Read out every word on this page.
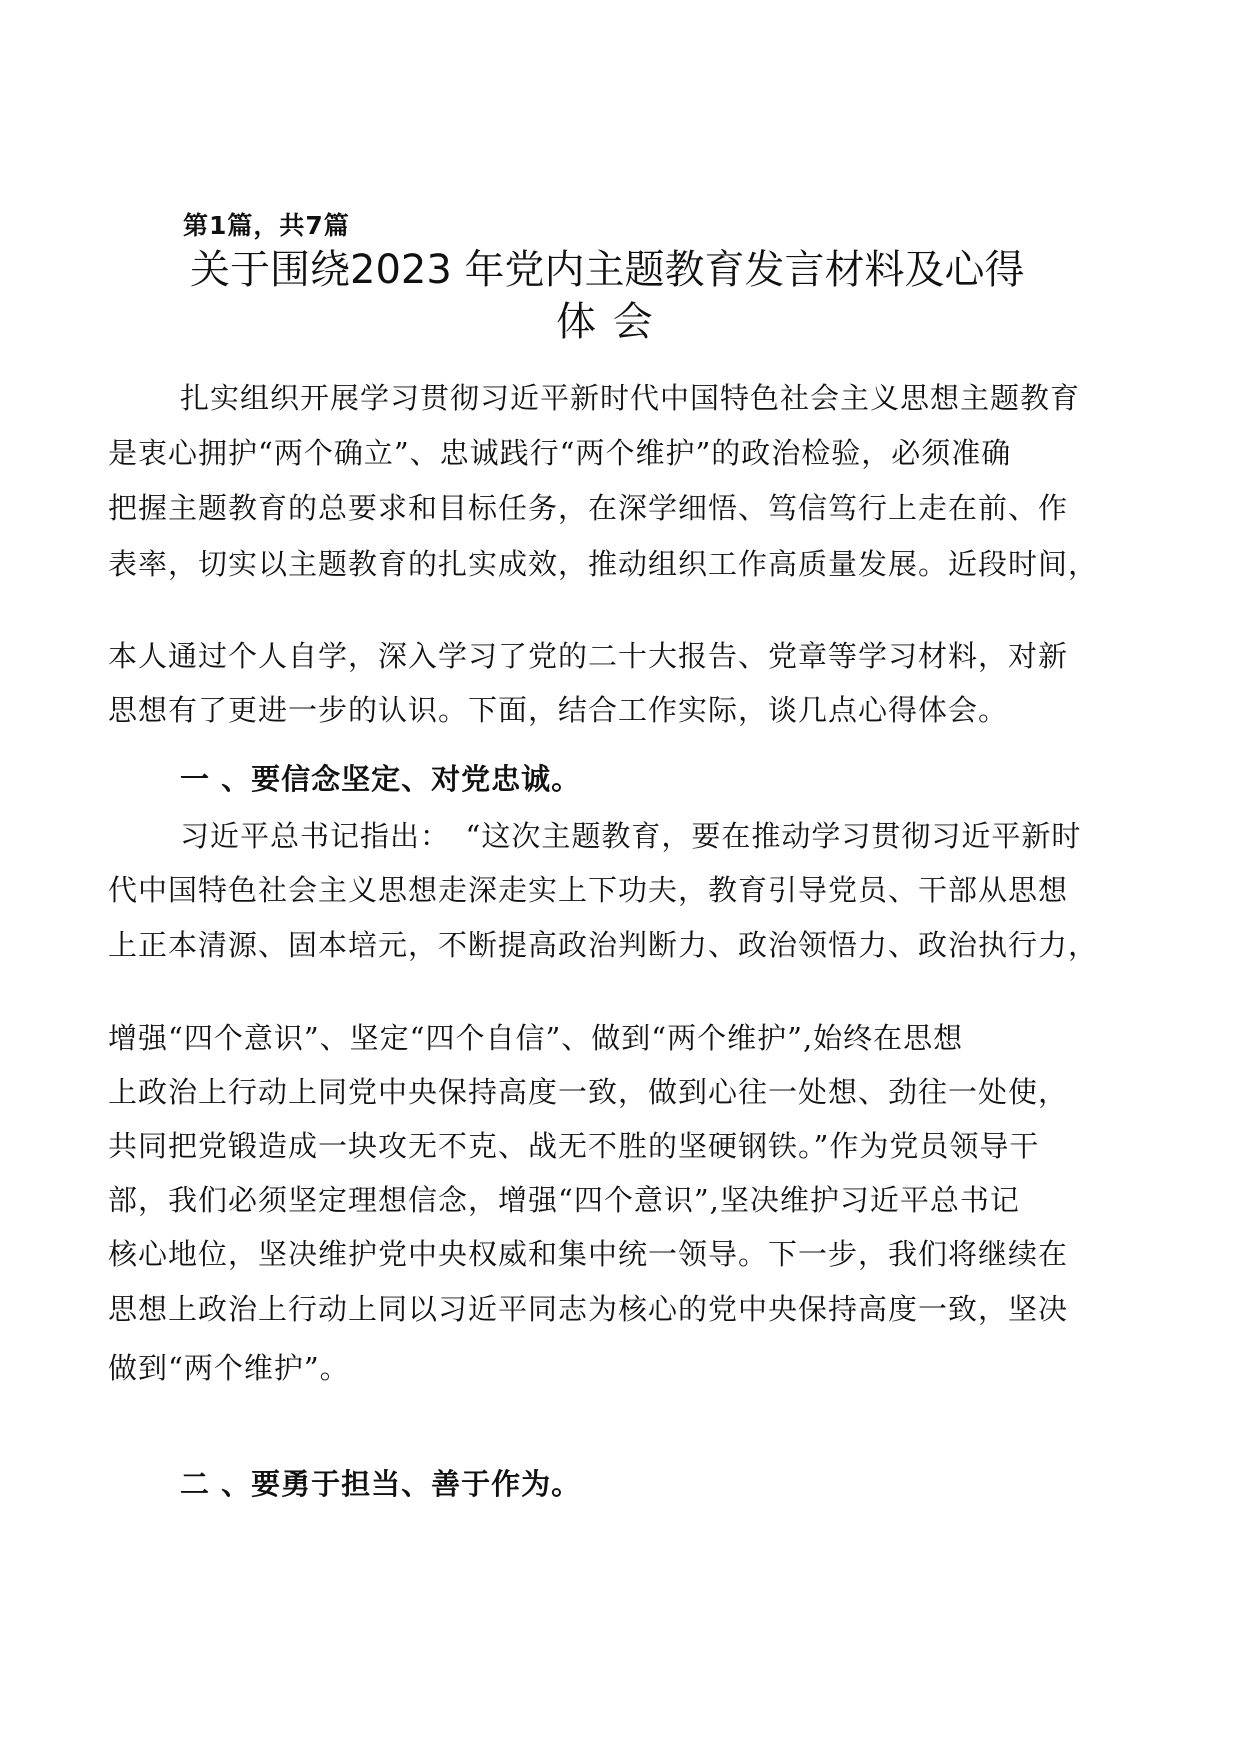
第1篇，共7篇
关于围绕2023 年党内主题教育发言材料及心得
体 会
扎实组织开展学习贯彻习近平新时代中国特色社会主义思想主题教育
是衷心拥护“两个确立”、忠诚践行“两个维护”的政治检验，必须准确
把握主题教育的总要求和目标任务，在深学细悟、笃信笃行上走在前、作
表率，切实以主题教育的扎实成效，推动组织工作高质量发展。近段时间，
本人通过个人自学，深入学习了党的二十大报告、党章等学习材料，对新
思想有了更进一步的认识。下面，结合工作实际，谈几点心得体会。
一 、要信念坚定、对党忠诚。
习近平总书记指出：　“这次主题教育，要在推动学习贯彻习近平新时
代中国特色社会主义思想走深走实上下功夫，教育引导党员、干部从思想
上正本清源、固本培元，不断提高政治判断力、政治领悟力、政治执行力，
增强“四个意识”、坚定“四个自信”、做到“两个维护”,始终在思想
上政治上行动上同党中央保持高度一致，做到心往一处想、劲往一处使，
共同把党锻造成一块攻无不克、战无不胜的坚硬钢铁。”作为党员领导干
部，我们必须坚定理想信念，增强“四个意识”,坚决维护习近平总书记
核心地位，坚决维护党中央权威和集中统一领导。下一步，我们将继续在
思想上政治上行动上同以习近平同志为核心的党中央保持高度一致，坚决
做到“两个维护”。
二 、要勇于担当、善于作为。
